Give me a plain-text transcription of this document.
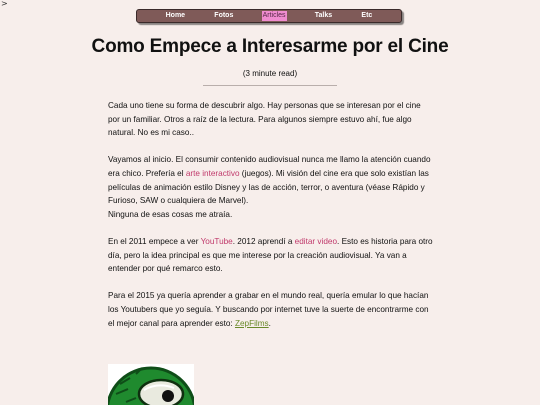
>
Home	Fotos	Articles	Talks	Etc
Como Empece a Interesarme por el Cine
(3 minute read)

Cada uno tiene su forma de descubrir algo. Hay personas que se interesan por el cine por un familiar. Otros a raíz de la lectura. Para algunos siempre estuvo ahí, fue algo natural. No es mi caso..

Vayamos al inicio. El consumir contenido audiovisual nunca me llamo la atención cuando era chico. Prefería el arte interactivo (juegos). Mi visión del cine era que solo existían las películas de animación estilo Disney y las de acción, terror, o aventura (véase Rápido y Furioso, SAW o cualquiera de Marvel).
Ninguna de esas cosas me atraía.

En el 2011 empece a ver YouTube. 2012 aprendí a editar video. Esto es historia para otro día, pero la idea principal es que me interese por la creación audiovisual. Ya van a entender por qué remarco esto.

Para el 2015 ya quería aprender a grabar en el mundo real, quería emular lo que hacían los Youtubers que yo seguía. Y buscando por internet tuve la suerte de encontrarme con el mejor canal para aprender esto: ZepFilms.
